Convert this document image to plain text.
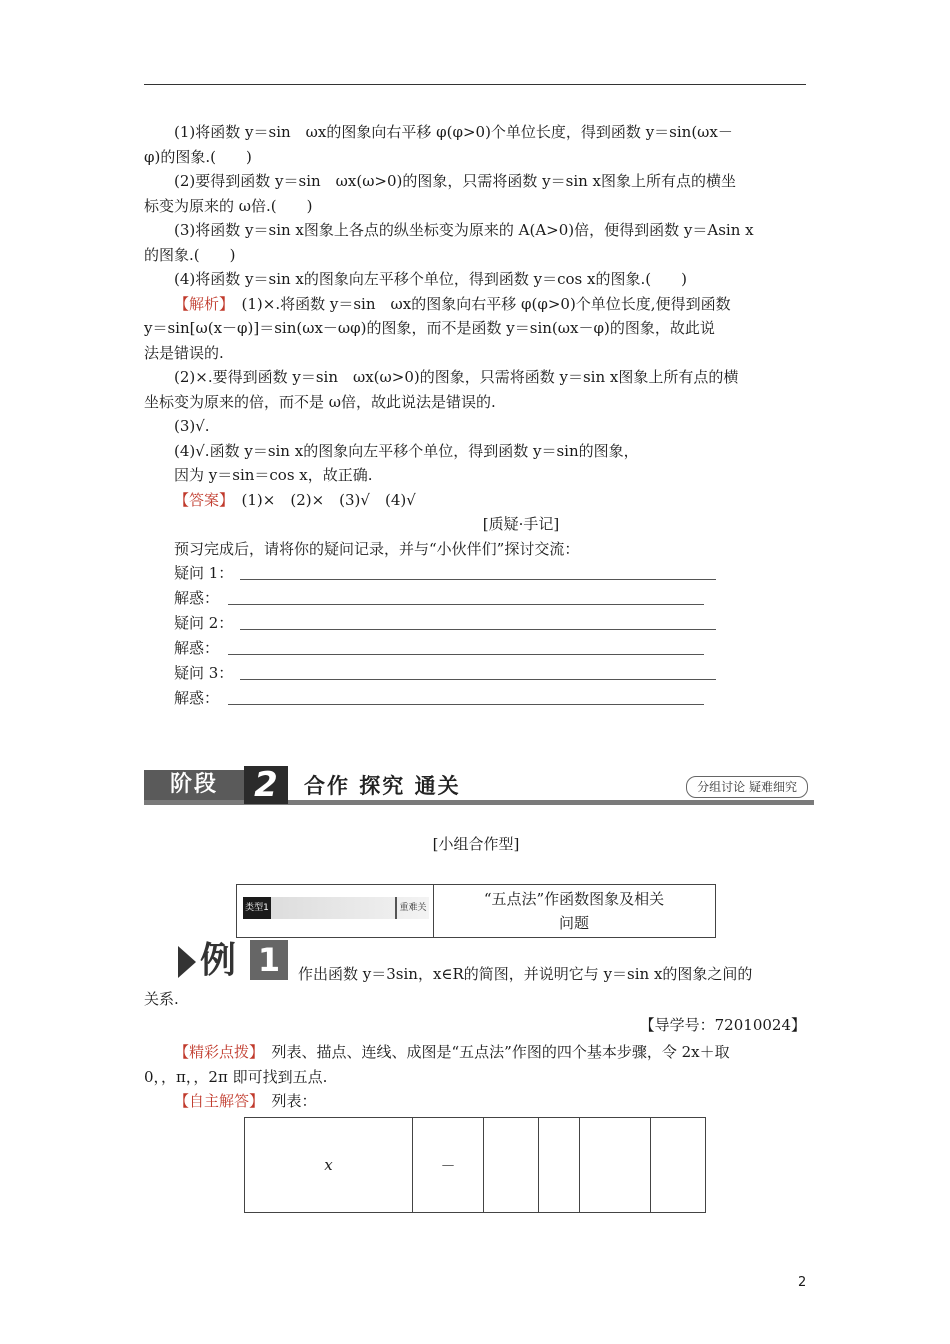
(1)将函数 y＝sin　ωx的图象向右平移 φ(φ>0)个单位长度，得到函数 y＝sin(ωx－

φ)的图象.(　　)

(2)要得到函数 y＝sin　ωx(ω>0)的图象，只需将函数 y＝sin x图象上所有点的横坐

标变为原来的 ω倍.(　　)

(3)将函数 y＝sin x图象上各点的纵坐标变为原来的 A(A>0)倍，便得到函数 y＝Asin x

的图象.(　　)

(4)将函数 y＝sin x的图象向左平移个单位，得到函数 y＝cos x的图象.(　　)

【解析】　 (1)×.将函数 y＝sin　ωx的图象向右平移 φ(φ>0)个单位长度,便得到函数

y＝sin[ω(x－φ)]＝sin(ωx－ωφ)的图象，而不是函数 y＝sin(ωx－φ)的图象，故此说

法是错误的.

(2)×.要得到函数 y＝sin　ωx(ω>0)的图象，只需将函数 y＝sin x图象上所有点的横

坐标变为原来的倍，而不是 ω倍，故此说法是错误的.

(3)√.

(4)√.函数 y＝sin x的图象向左平移个单位，得到函数 y＝sin的图象，

因为 y＝sin＝cos x，故正确.

【答案】　 (1)×　(2)×　(3)√　(4)√

[质疑·手记]

预习完成后，请将你的疑问记录，并与“小伙伴们”探讨交流：

疑问 1：
解惑：
疑问 2：
解惑：
疑问 3：
解惑：
阶段	2	合作 探究 通关	分组讨论 疑难细究
[小组合作型]
类型1	重难关	“五点法”作函数图象及相关
问题
例 1	作出函数 y＝3sin，x∈R的简图，并说明它与 y＝sin x的图象之间的

关系.

【导学号：72010024】

【精彩点拨】　列表、描点、连线、成图是“五点法”作图的四个基本步骤，令 2x＋取

0，，π，，2π 即可找到五点.

【自主解答】　列表：

x	－				
2
